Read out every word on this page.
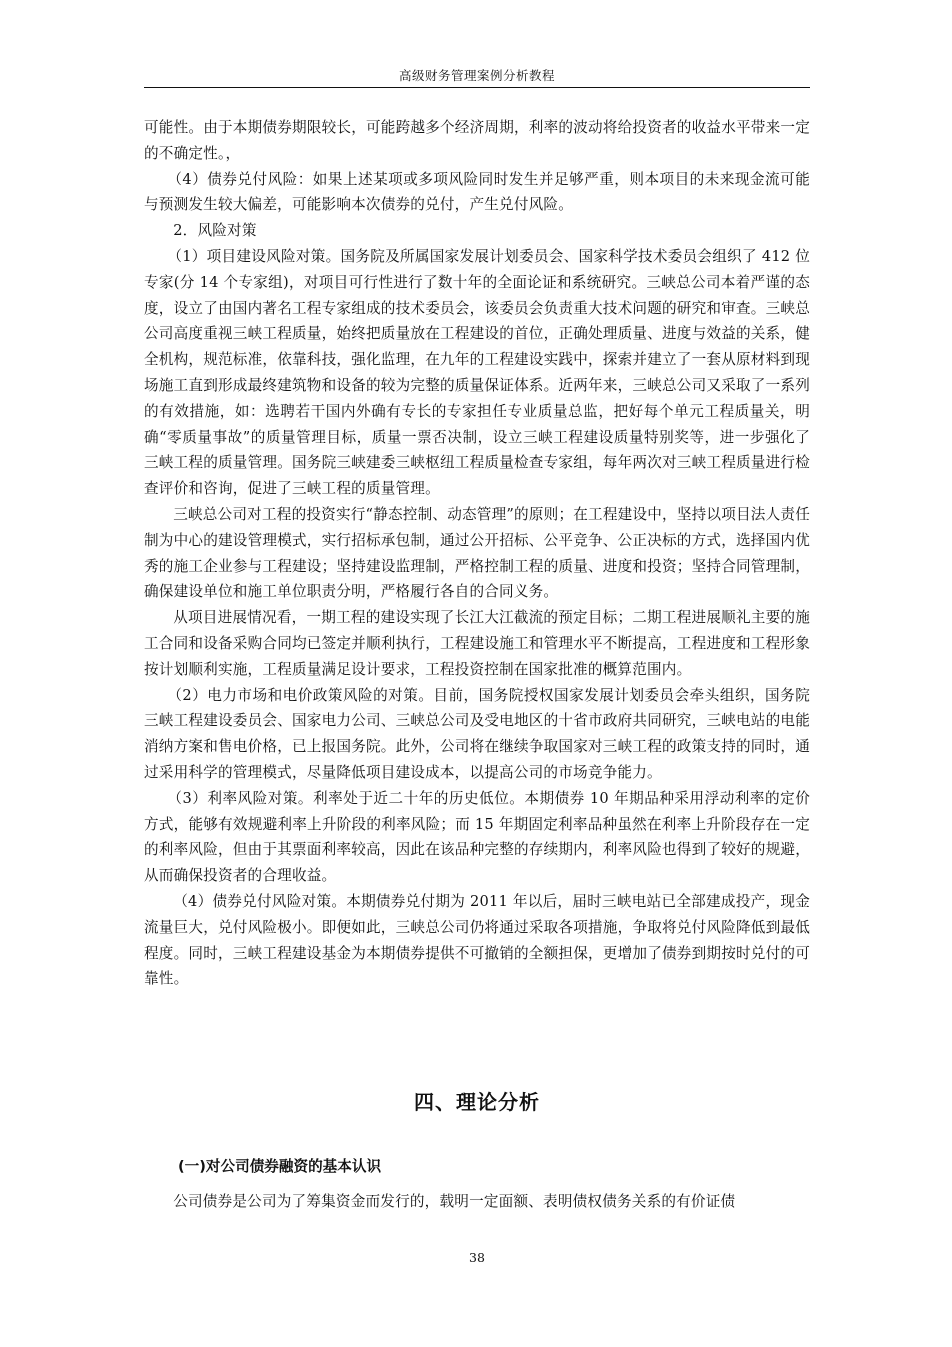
高级财务管理案例分析教程

可能性。由于本期债券期限较长，可能跨越多个经济周期，利率的波动将给投资者的收益水平带来一定的不确定性。，

（4）债券兑付风险：如果上述某项或多项风险同时发生并足够严重，则本项目的未来现金流可能与预测发生较大偏差，可能影响本次债券的兑付，产生兑付风险。

2．风险对策

（1）项目建设风险对策。国务院及所属国家发展计划委员会、国家科学技术委员会组织了 412 位专家(分 14 个专家组)，对项目可行性进行了数十年的全面论证和系统研究。三峡总公司本着严谨的态度，设立了由国内著名工程专家组成的技术委员会，该委员会负责重大技术问题的研究和审查。三峡总公司高度重视三峡工程质量，始终把质量放在工程建设的首位，正确处理质量、进度与效益的关系，健全机构，规范标准，依靠科技，强化监理，在九年的工程建设实践中，探索并建立了一套从原材料到现场施工直到形成最终建筑物和设备的较为完整的质量保证体系。近两年来，三峡总公司又采取了一系列的有效措施，如：选聘若干国内外确有专长的专家担任专业质量总监，把好每个单元工程质量关，明确“零质量事故”的质量管理目标，质量一票否决制，设立三峡工程建设质量特别奖等，进一步强化了三峡工程的质量管理。国务院三峡建委三峡枢纽工程质量检查专家组，每年两次对三峡工程质量进行检查评价和咨询，促进了三峡工程的质量管理。

三峡总公司对工程的投资实行“静态控制、动态管理”的原则；在工程建设中，坚持以项目法人责任制为中心的建设管理模式，实行招标承包制，通过公开招标、公平竞争、公正决标的方式，选择国内优秀的施工企业参与工程建设；坚持建设监理制，严格控制工程的质量、进度和投资；坚持合同管理制，确保建设单位和施工单位职责分明，严格履行各自的合同义务。

从项目进展情况看，一期工程的建设实现了长江大江截流的预定目标；二期工程进展顺礼主要的施工合同和设备采购合同均已签定并顺利执行，工程建设施工和管理水平不断提高，工程进度和工程形象按计划顺利实施，工程质量满足设计要求，工程投资控制在国家批准的概算范围内。

（2）电力市场和电价政策风险的对策。目前，国务院授权国家发展计划委员会牵头组织，国务院三峡工程建设委员会、国家电力公司、三峡总公司及受电地区的十省市政府共同研究，三峡电站的电能消纳方案和售电价格，已上报国务院。此外，公司将在继续争取国家对三峡工程的政策支持的同时，通过采用科学的管理模式，尽量降低项目建设成本，以提高公司的市场竞争能力。

（3）利率风险对策。利率处于近二十年的历史低位。本期债券 10 年期品种采用浮动利率的定价方式，能够有效规避利率上升阶段的利率风险；而 15 年期固定利率品种虽然在利率上升阶段存在一定的利率风险，但由于其票面利率较高，因此在该品种完整的存续期内，利率风险也得到了较好的规避，从而确保投资者的合理收益。

（4）债券兑付风险对策。本期债券兑付期为 2011 年以后，届时三峡电站已全部建成投产，现金流量巨大，兑付风险极小。即便如此，三峡总公司仍将通过采取各项措施，争取将兑付风险降低到最低程度。同时，三峡工程建设基金为本期债券提供不可撤销的全额担保，更增加了债券到期按时兑付的可靠性。

四、理论分析
(一)对公司债券融资的基本认识

公司债券是公司为了筹集资金而发行的，载明一定面额、表明债权债务关系的有价证债

38
